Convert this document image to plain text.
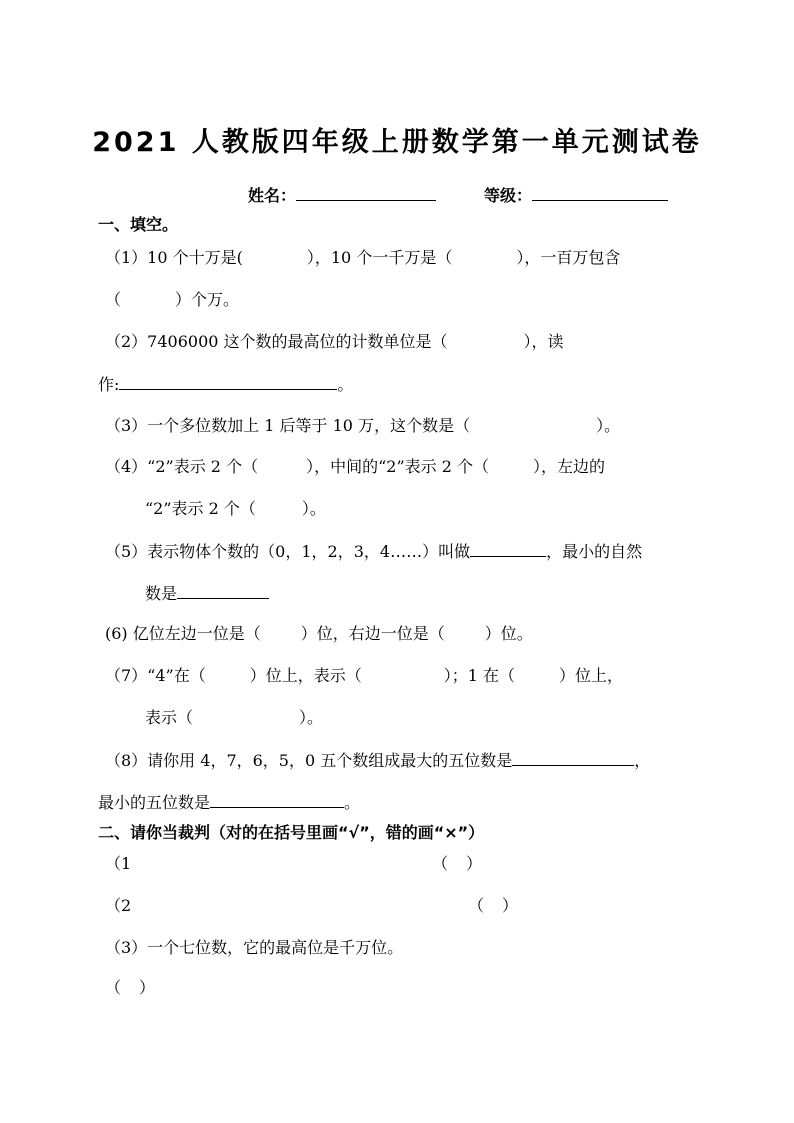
2021 人教版四年级上册数学第一单元测试卷
姓名：	等级：
一、填空。
（1）10 个十万是(	），10 个一千万是（	），一百万包含
（	）个万。
（2）7406000 这个数的最高位的计数单位是（	），读
作:	。
（3）一个多位数加上 1 后等于 10 万，这个数是（	）。
（4）“2”表示 2 个（	），中间的“2”表示 2 个（	），左边的
“2”表示 2 个（	）。
（5）表示物体个数的（0，1，2，3，4……）叫做	，最小的自然
数是
(6) 亿位左边一位是（	）位，右边一位是（	）位。
（7）“4”在（	）位上，表示（	）；1 在（	）位上，
表示（	）。
（8）请你用 4，7，6，5，0 五个数组成最大的五位数是	，
最小的五位数是	。
二、请你当裁判（对的在括号里画“√”，错的画“×”）
（1	（ ）
（2	（ ）
（3）一个七位数，它的最高位是千万位。
（ ）
